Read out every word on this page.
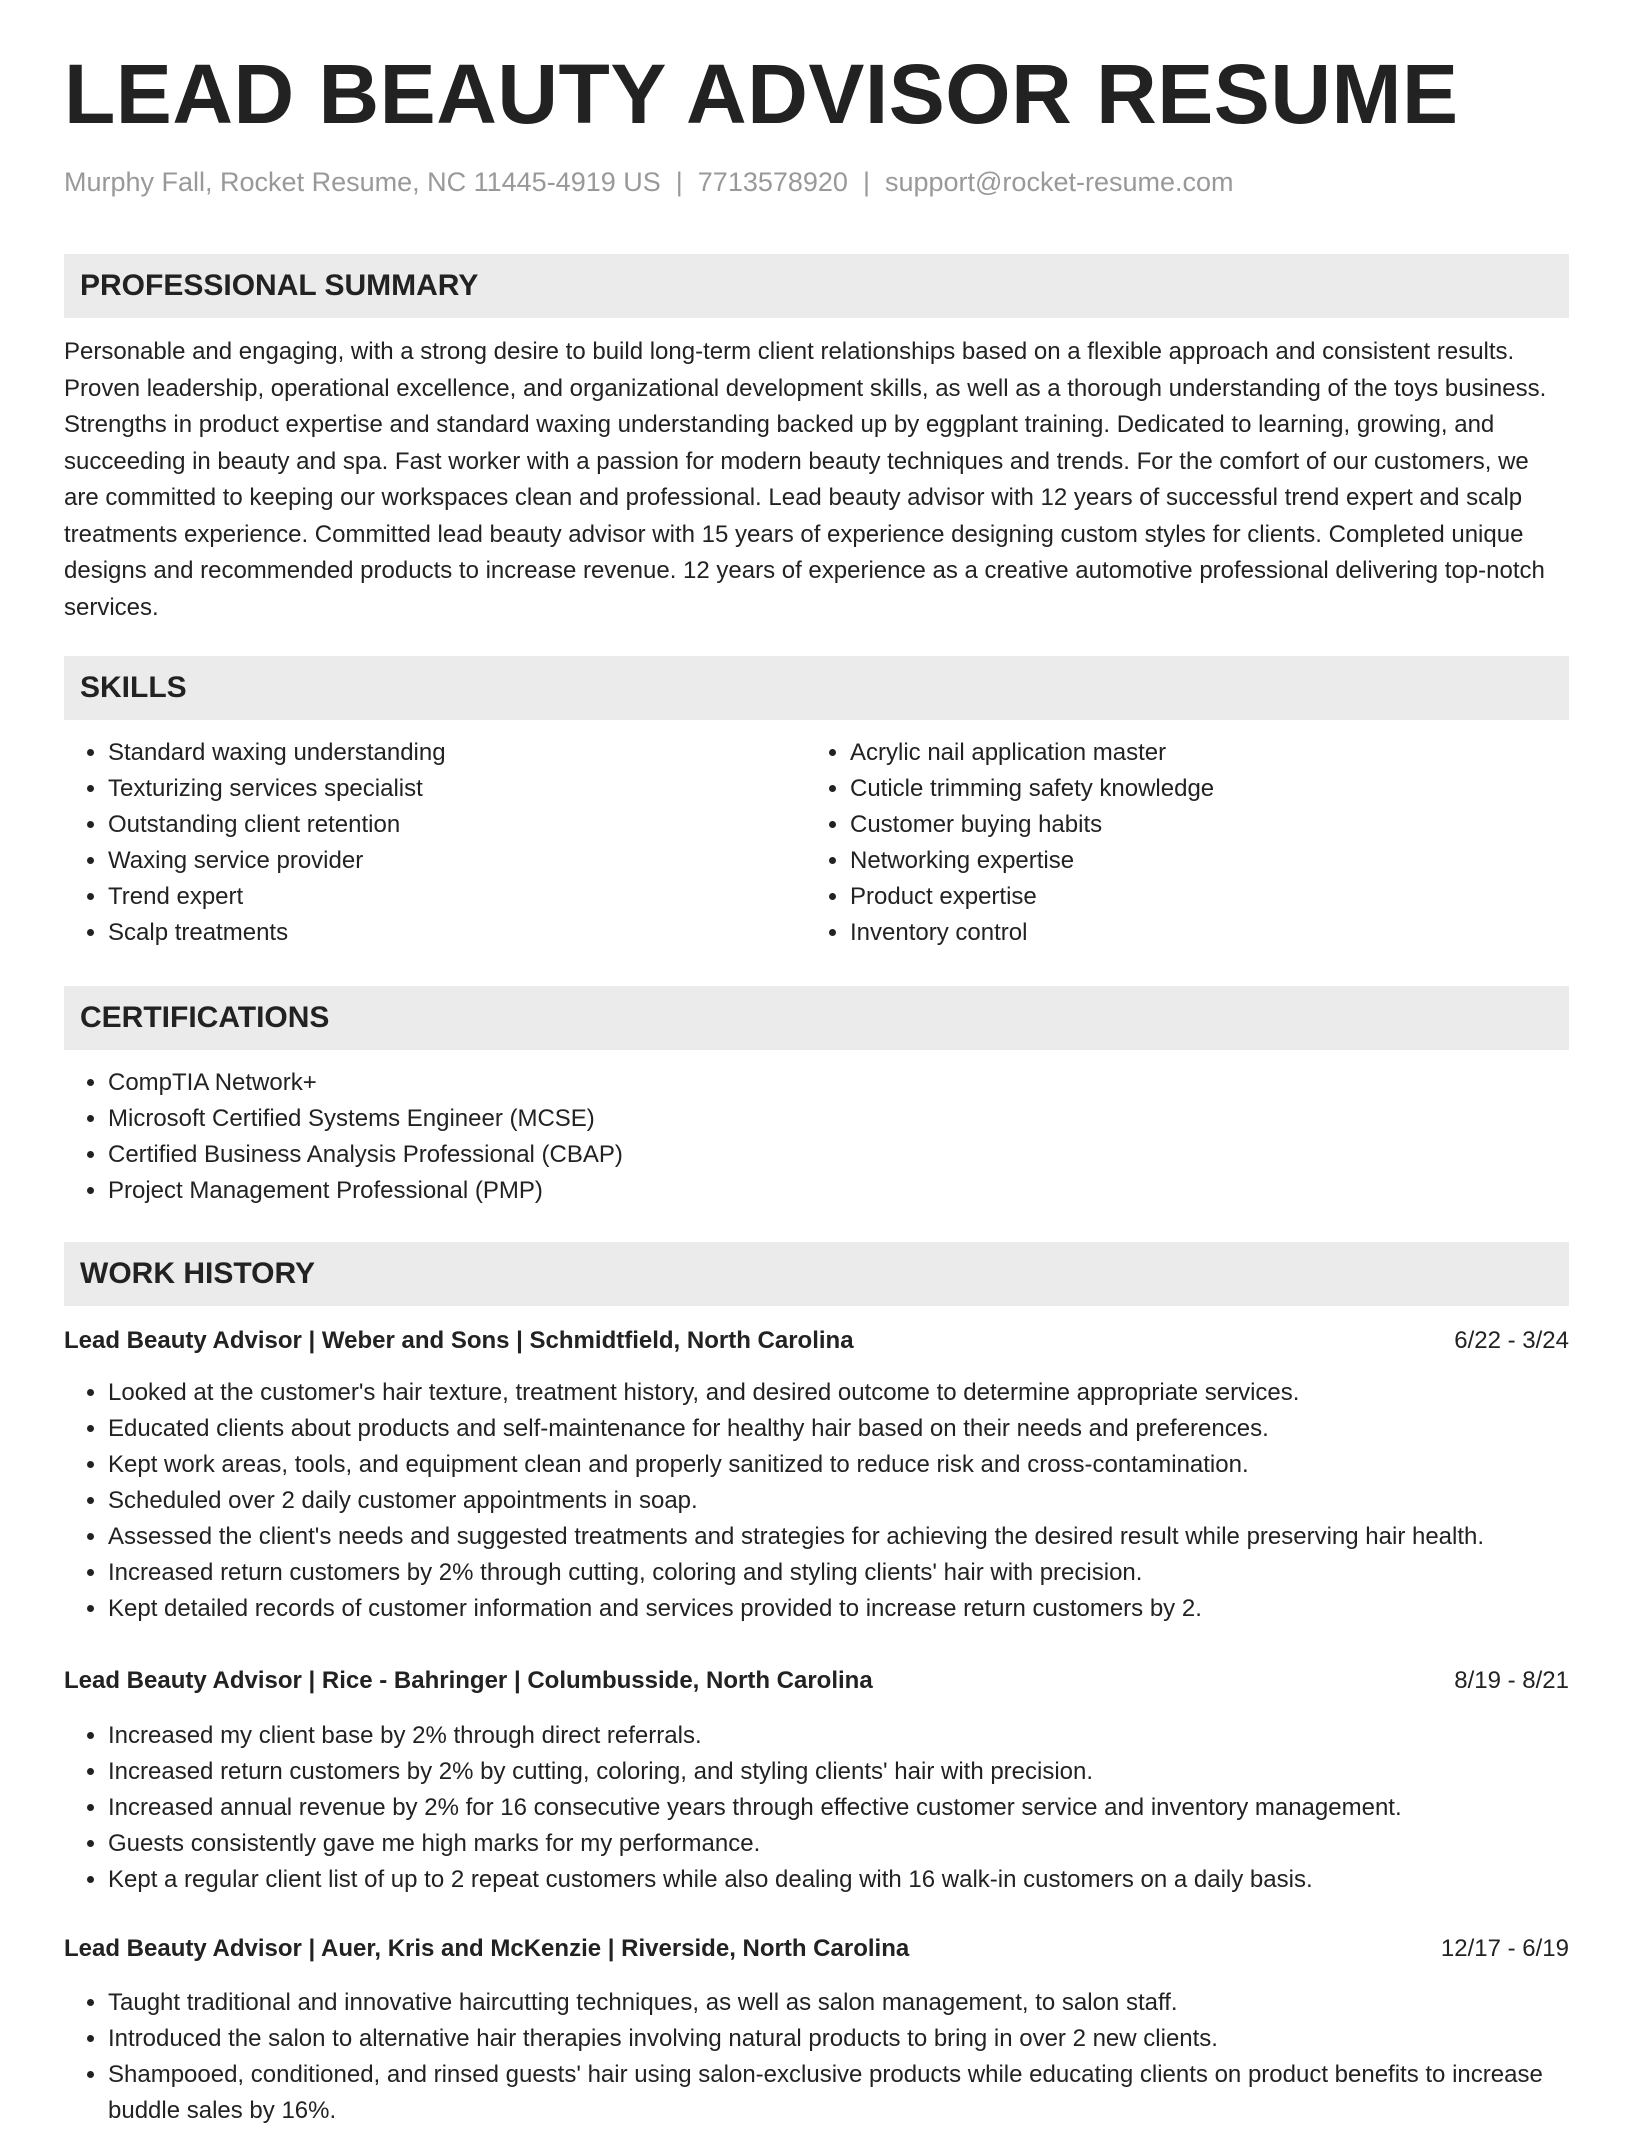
LEAD BEAUTY ADVISOR RESUME
Murphy Fall, Rocket Resume, NC 11445-4919 US | 7713578920 | support@rocket-resume.com
PROFESSIONAL SUMMARY

Personable and engaging, with a strong desire to build long-term client relationships based on a flexible approach and consistent results. Proven leadership, operational excellence, and organizational development skills, as well as a thorough understanding of the toys business. Strengths in product expertise and standard waxing understanding backed up by eggplant training. Dedicated to learning, growing, and succeeding in beauty and spa. Fast worker with a passion for modern beauty techniques and trends. For the comfort of our customers, we are committed to keeping our workspaces clean and professional. Lead beauty advisor with 12 years of successful trend expert and scalp treatments experience. Committed lead beauty advisor with 15 years of experience designing custom styles for clients. Completed unique designs and recommended products to increase revenue. 12 years of experience as a creative automotive professional delivering top-notch services.

SKILLS
• Standard waxing understanding
• Texturizing services specialist
• Outstanding client retention
• Waxing service provider
• Trend expert
• Scalp treatments
• Acrylic nail application master
• Cuticle trimming safety knowledge
• Customer buying habits
• Networking expertise
• Product expertise
• Inventory control
CERTIFICATIONS
• CompTIA Network+
• Microsoft Certified Systems Engineer (MCSE)
• Certified Business Analysis Professional (CBAP)
• Project Management Professional (PMP)
WORK HISTORY
Lead Beauty Advisor | Weber and Sons | Schmidtfield, North Carolina	6/22 - 3/24
• Looked at the customer's hair texture, treatment history, and desired outcome to determine appropriate services.
• Educated clients about products and self-maintenance for healthy hair based on their needs and preferences.
• Kept work areas, tools, and equipment clean and properly sanitized to reduce risk and cross-contamination.
• Scheduled over 2 daily customer appointments in soap.
• Assessed the client's needs and suggested treatments and strategies for achieving the desired result while preserving hair health.
• Increased return customers by 2% through cutting, coloring and styling clients' hair with precision.
• Kept detailed records of customer information and services provided to increase return customers by 2.
Lead Beauty Advisor | Rice - Bahringer | Columbusside, North Carolina	8/19 - 8/21
• Increased my client base by 2% through direct referrals.
• Increased return customers by 2% by cutting, coloring, and styling clients' hair with precision.
• Increased annual revenue by 2% for 16 consecutive years through effective customer service and inventory management.
• Guests consistently gave me high marks for my performance.
• Kept a regular client list of up to 2 repeat customers while also dealing with 16 walk-in customers on a daily basis.
Lead Beauty Advisor | Auer, Kris and McKenzie | Riverside, North Carolina	12/17 - 6/19
• Taught traditional and innovative haircutting techniques, as well as salon management, to salon staff.
• Introduced the salon to alternative hair therapies involving natural products to bring in over 2 new clients.
• Shampooed, conditioned, and rinsed guests' hair using salon-exclusive products while educating clients on product benefits to increase buddle sales by 16%.
